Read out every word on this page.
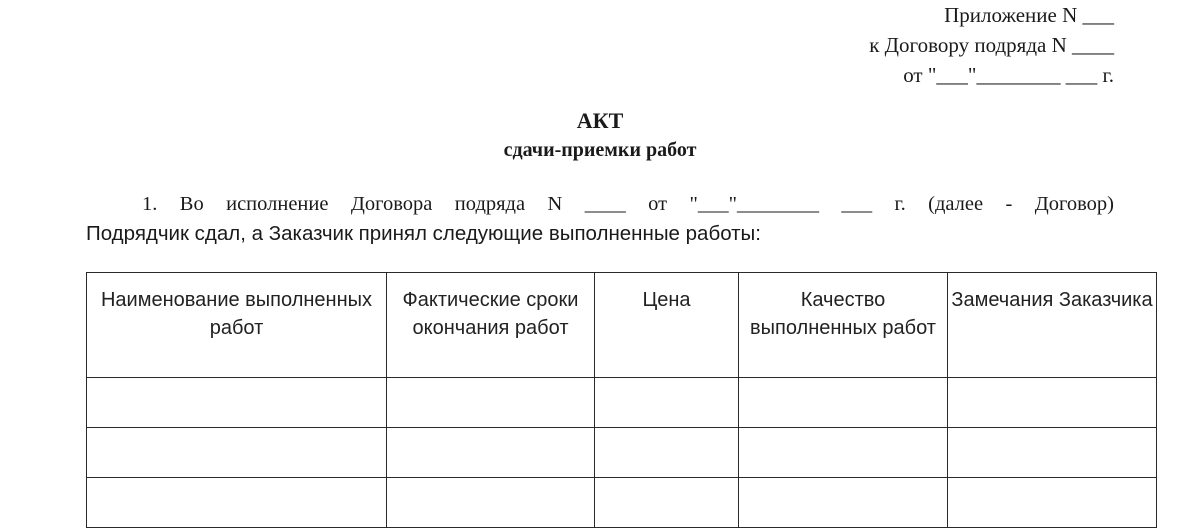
Приложение N ___
к Договору подряда N ____
от "___"________ ___ г.
АКТ
сдачи-приемки работ
1. Во исполнение Договора подряда N ____ от "___"________ ___ г. (далее - Договор)
Подрядчик сдал, а Заказчик принял следующие выполненные работы:
Наименование выполненных работ	Фактические сроки окончания работ	Цена	Качество выполненных работ	Замечания Заказчика
